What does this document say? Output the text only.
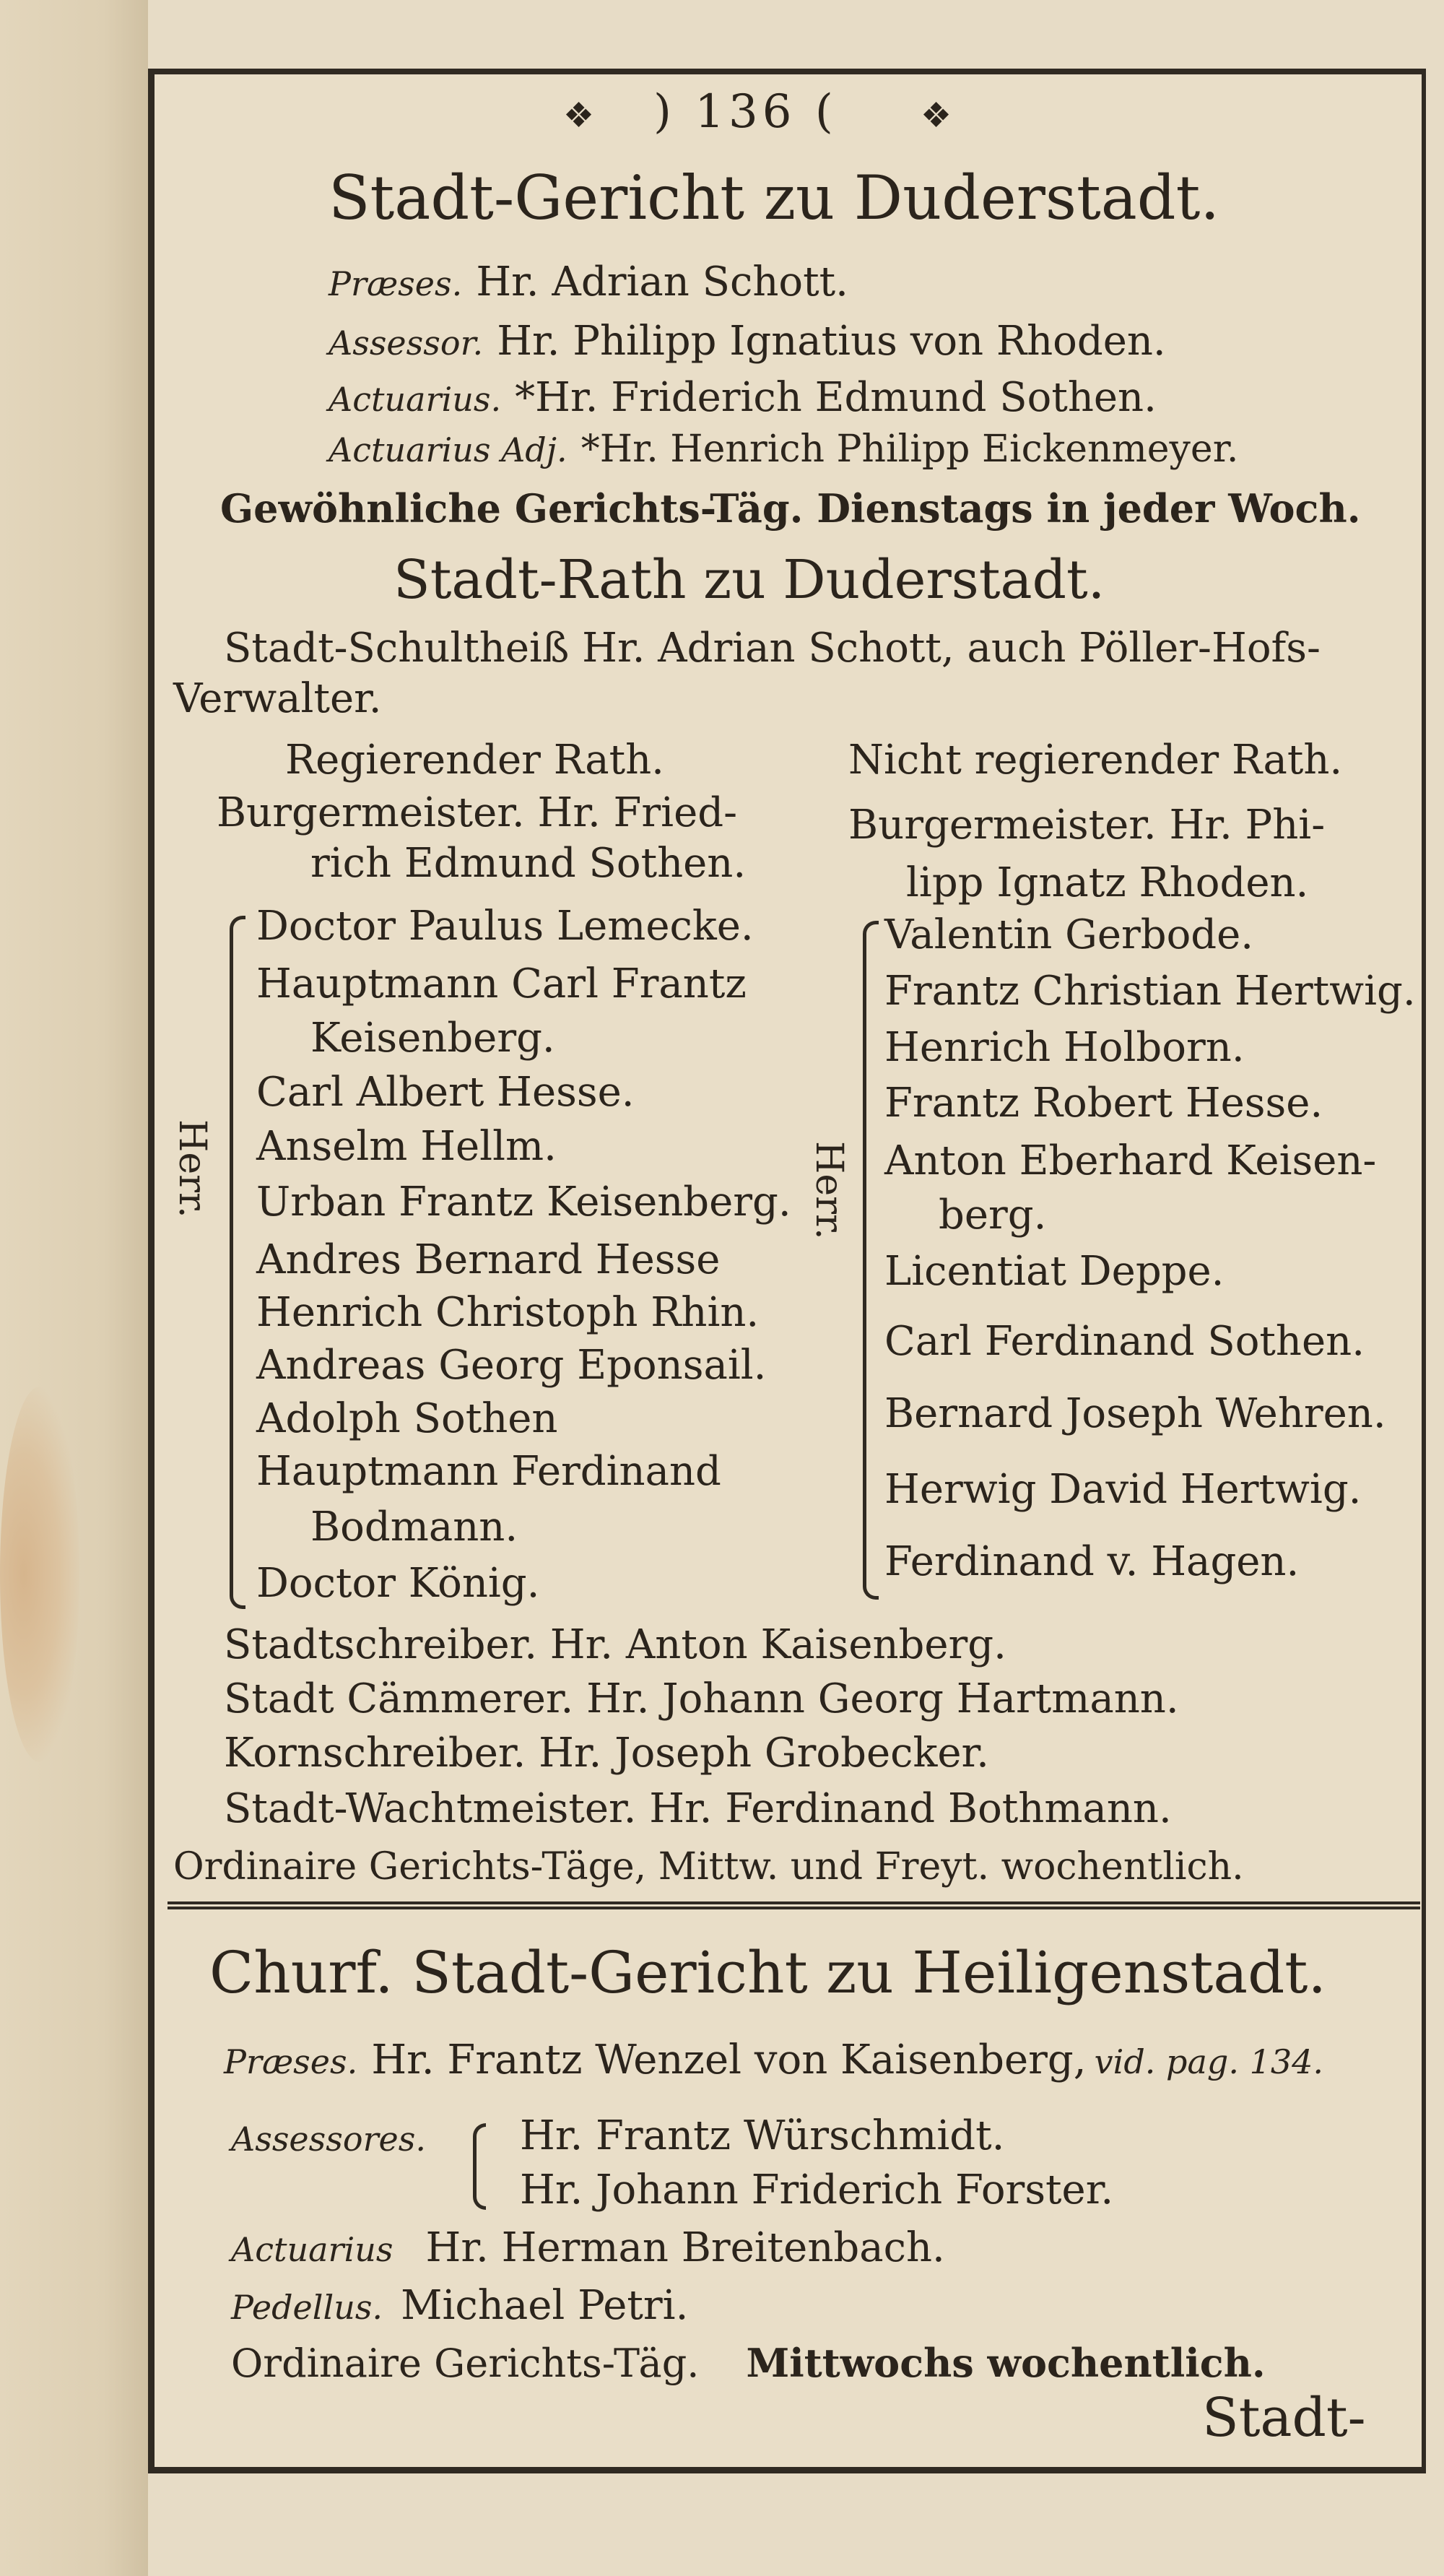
❖ ) 136 ( ❖
Stadt-Gericht zu Duderstadt.
Præses. Hr. Adrian Schott.
Assessor. Hr. Philipp Ignatius von Rhoden.
Actuarius. *Hr. Friderich Edmund Sothen.
Actuarius Adj. *Hr. Henrich Philipp Eickenmeyer.
Gewöhnliche Gerichts-Täg. Dienstags in jeder Woch.
Stadt-Rath zu Duderstadt.
Stadt-Schultheiß Hr. Adrian Schott, auch Pöller-Hofs-
Verwalter.
Regierender Rath.	Nicht regierender Rath.
Burgermeister. Hr. Fried-
rich Edmund Sothen.
Burgermeister. Hr. Phi-
lipp Ignatz Rhoden.
Herr.
Doctor Paulus Lemecke.
Hauptmann Carl Frantz
Keisenberg.
Carl Albert Hesse.
Anselm Hellm.
Urban Frantz Keisenberg.
Andres Bernard Hesse
Henrich Christoph Rhin.
Andreas Georg Eponsail.
Adolph Sothen
Hauptmann Ferdinand
Bodmann.
Doctor König.
Herr.
Valentin Gerbode.
Frantz Christian Hertwig.
Henrich Holborn.
Frantz Robert Hesse.
Anton Eberhard Keisen-
berg.
Licentiat Deppe.
Carl Ferdinand Sothen.
Bernard Joseph Wehren.
Herwig David Hertwig.
Ferdinand v. Hagen.
Stadtschreiber. Hr. Anton Kaisenberg.
Stadt Cämmerer. Hr. Johann Georg Hartmann.
Kornschreiber. Hr. Joseph Grobecker.
Stadt-Wachtmeister. Hr. Ferdinand Bothmann.
Ordinaire Gerichts-Täge, Mittw. und Freyt. wochentlich.
Churf. Stadt-Gericht zu Heiligenstadt.
Præses. Hr. Frantz Wenzel von Kaisenberg, vid. pag. 134.
Assessores. Hr. Frantz Würschmidt.
Hr. Johann Friderich Forster.
Actuarius Hr. Herman Breitenbach.
Pedellus. Michael Petri.
Ordinaire Gerichts-Täg. Mittwochs wochentlich.
Stadt-
